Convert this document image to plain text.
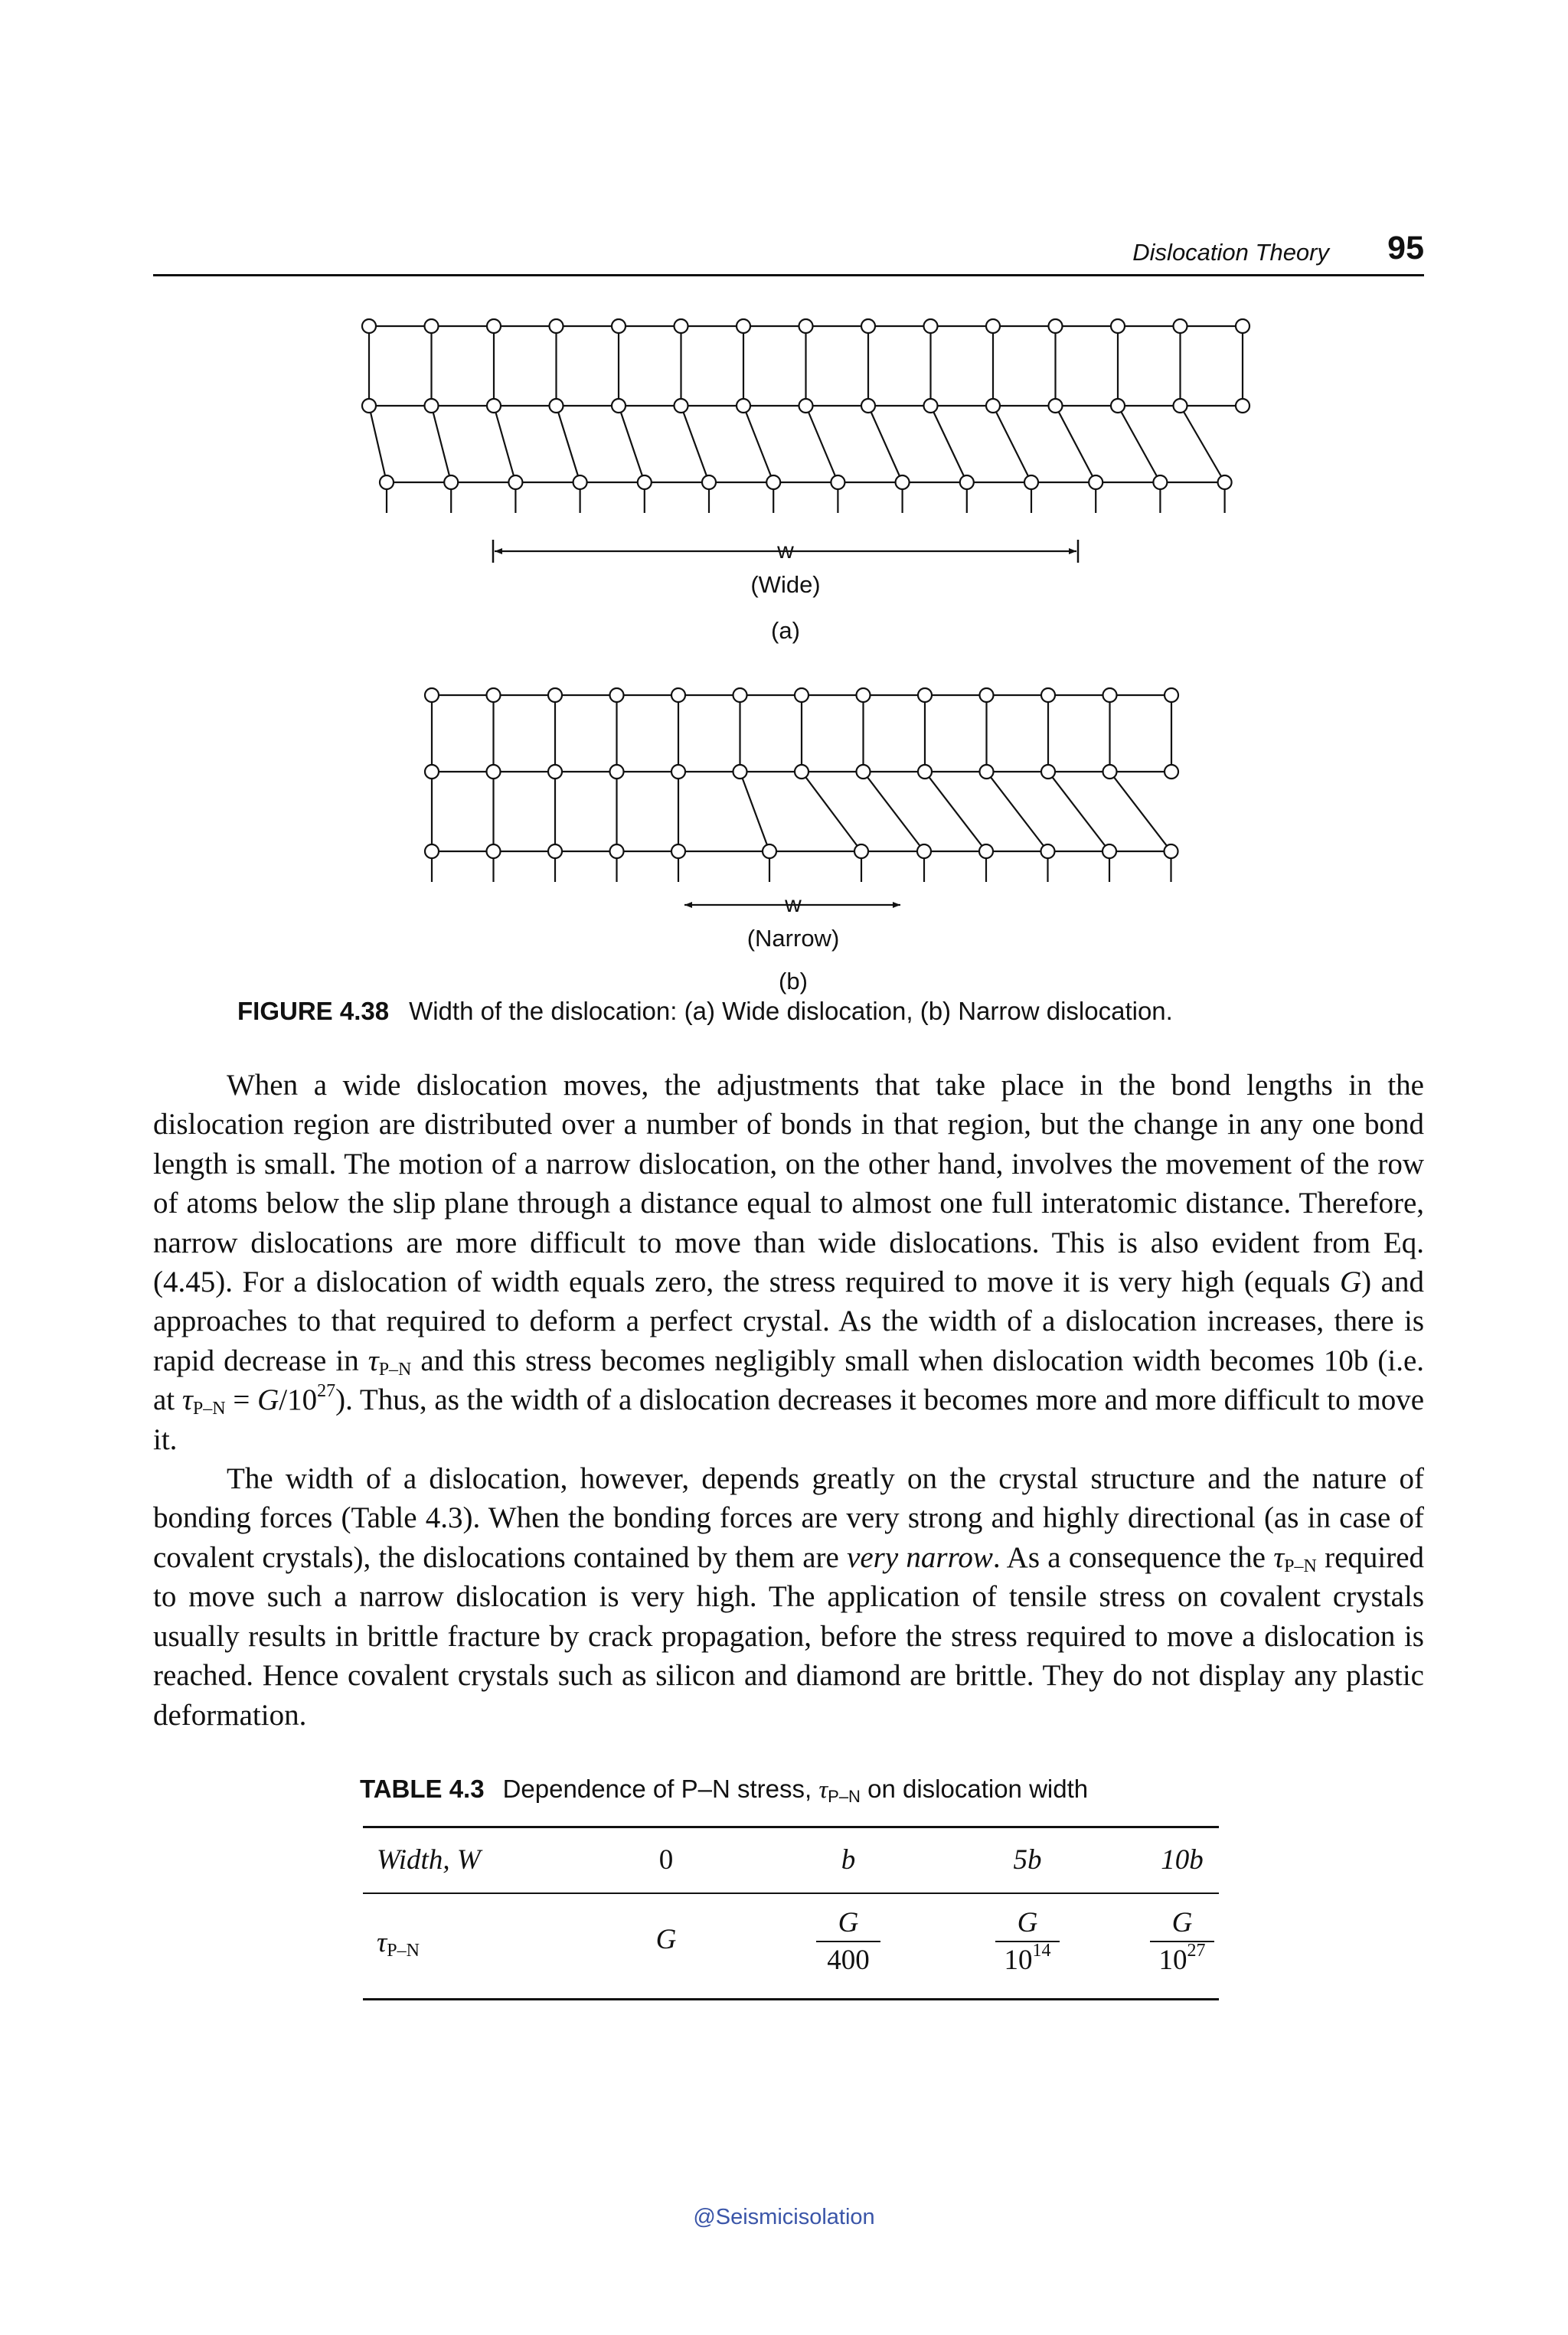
Dislocation Theory 95
w
(Wide)
(a)
w
(Narrow)
(b)
FIGURE 4.38 Width of the dislocation: (a) Wide dislocation, (b) Narrow dislocation.

When a wide dislocation moves, the adjustments that take place in the bond lengths in the dislocation region are distributed over a number of bonds in that region, but the change in any one bond length is small. The motion of a narrow dislocation, on the other hand, involves the movement of the row of atoms below the slip plane through a distance equal to almost one full interatomic distance. Therefore, narrow dislocations are more difficult to move than wide dislocations. This is also evident from Eq. (4.45). For a dislocation of width equals zero, the stress required to move it is very high (equals G) and approaches to that required to deform a perfect crystal. As the width of a dislocation increases, there is rapid decrease in $\tau_{P-N}$ and this stress becomes negligibly small when dislocation width becomes 10b (i.e. at $\tau_{P-N} = G/10^{27}$). Thus, as the width of a dislocation decreases it becomes more and more difficult to move it.

The width of a dislocation, however, depends greatly on the crystal structure and the nature of bonding forces (Table 4.3). When the bonding forces are very strong and highly directional (as in case of covalent crystals), the dislocations contained by them are very narrow. As a consequence the $\tau_{P-N}$ required to move such a narrow dislocation is very high. The application of tensile stress on covalent crystals usually results in brittle fracture by crack propagation, before the stress required to move a dislocation is reached. Hence covalent crystals such as silicon and diamond are brittle. They do not display any plastic deformation.

TABLE 4.3 Dependence of P–N stress, τP–N on dislocation width
Width, W	0	b	5b	10b
$\tau_{P-N}$	G	$\frac{G}{400} \frac{G}{10^{14}} \frac{G}{10^{27}}$
@Seismicisolation
